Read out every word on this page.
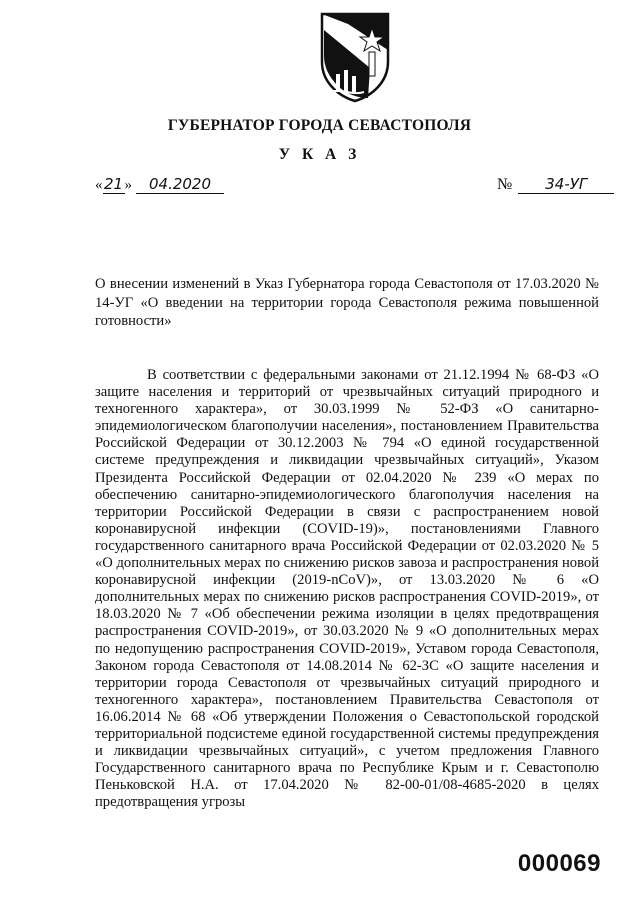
ГУБЕРНАТОР ГОРОДА СЕВАСТОПОЛЯ
У К А З
«21» 04.2020	№ 34-УГ
О внесении изменений в Указ Губернатора города Севастополя от 17.03.2020 № 14-УГ «О введении на территории города Севастополя режима повышенной готовности»
В соответствии с федеральными законами от 21.12.1994 № 68-ФЗ «О защите населения и территорий от чрезвычайных ситуаций природного и техногенного характера», от 30.03.1999 № 52-ФЗ «О санитарно-эпидемиологическом благополучии населения», постановлением Правительства Российской Федерации от 30.12.2003 № 794 «О единой государственной системе предупреждения и ликвидации чрезвычайных ситуаций», Указом Президента Российской Федерации от 02.04.2020 № 239 «О мерах по обеспечению санитарно-эпидемиологического благополучия населения на территории Российской Федерации в связи с распространением новой коронавирусной инфекции (COVID-19)», постановлениями Главного государственного санитарного врача Российской Федерации от 02.03.2020 № 5 «О дополнительных мерах по снижению рисков завоза и распространения новой коронавирусной инфекции (2019-nCoV)», от 13.03.2020 № 6 «О дополнительных мерах по снижению рисков распространения COVID-2019», от 18.03.2020 № 7 «Об обеспечении режима изоляции в целях предотвращения распространения COVID-2019», от 30.03.2020 № 9 «О дополнительных мерах по недопущению распространения COVID-2019», Уставом города Севастополя, Законом города Севастополя от 14.08.2014 № 62-ЗС «О защите населения и территории города Севастополя от чрезвычайных ситуаций природного и техногенного характера», постановлением Правительства Севастополя от 16.06.2014 № 68 «Об утверждении Положения о Севастопольской городской территориальной подсистеме единой государственной системы предупреждения и ликвидации чрезвычайных ситуаций», с учетом предложения Главного Государственного санитарного врача по Республике Крым и г. Севастополю Пеньковской Н.А. от 17.04.2020 № 82-00-01/08-4685-2020 в целях предотвращения угрозы
000069
